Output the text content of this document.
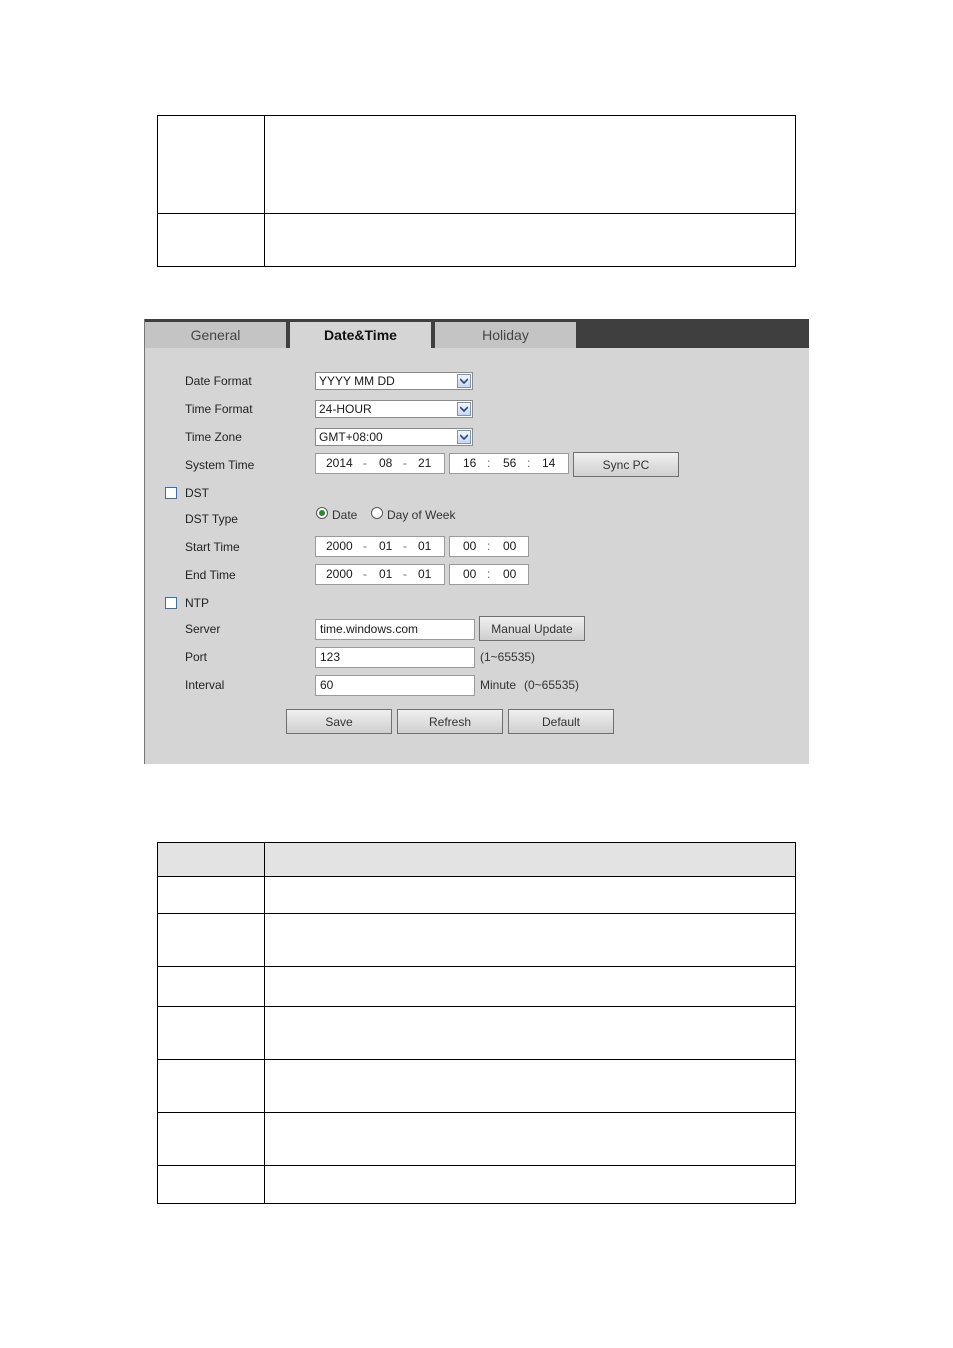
General	Date&Time	Holiday
Date Format	YYYY MM DD
Time Format	24-HOUR
Time Zone	GMT+08:00
System Time	2014 - 08 - 21	16 : 56 : 14	Sync PC
DST
DST Type	Date Day of Week
Start Time	2000 - 01 - 01	00 : 00
End Time	2000 - 01 - 01	00 : 00
NTP
Server	time.windows.com	Manual Update
Port	123	(1~65535)
Interval	60	Minute (0~65535)
Save	Refresh	Default
